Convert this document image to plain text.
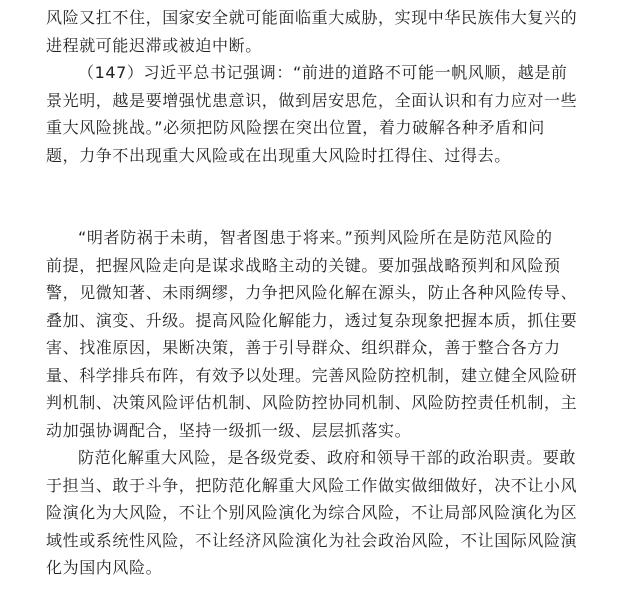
风险又扛不住，国家安全就可能面临重大威胁，实现中华民族伟大复兴的
进程就可能迟滞或被迫中断。
（147）习近平总书记强调：“前进的道路不可能一帆风顺，越是前
景光明，越是要增强忧患意识，做到居安思危，全面认识和有力应对一些
重大风险挑战。”必须把防风险摆在突出位置，着力破解各种矛盾和问
题，力争不出现重大风险或在出现重大风险时扛得住、过得去。
“明者防祸于未萌，智者图患于将来。”预判风险所在是防范风险的
前提，把握风险走向是谋求战略主动的关键。要加强战略预判和风险预
警，见微知著、未雨绸缪，力争把风险化解在源头，防止各种风险传导、
叠加、演变、升级。提高风险化解能力，透过复杂现象把握本质，抓住要
害、找准原因，果断决策，善于引导群众、组织群众，善于整合各方力
量、科学排兵布阵，有效予以处理。完善风险防控机制，建立健全风险研
判机制、决策风险评估机制、风险防控协同机制、风险防控责任机制，主
动加强协调配合，坚持一级抓一级、层层抓落实。
防范化解重大风险，是各级党委、政府和领导干部的政治职责。要敢
于担当、敢于斗争，把防范化解重大风险工作做实做细做好，决不让小风
险演化为大风险，不让个别风险演化为综合风险，不让局部风险演化为区
域性或系统性风险，不让经济风险演化为社会政治风险，不让国际风险演
化为国内风险。
